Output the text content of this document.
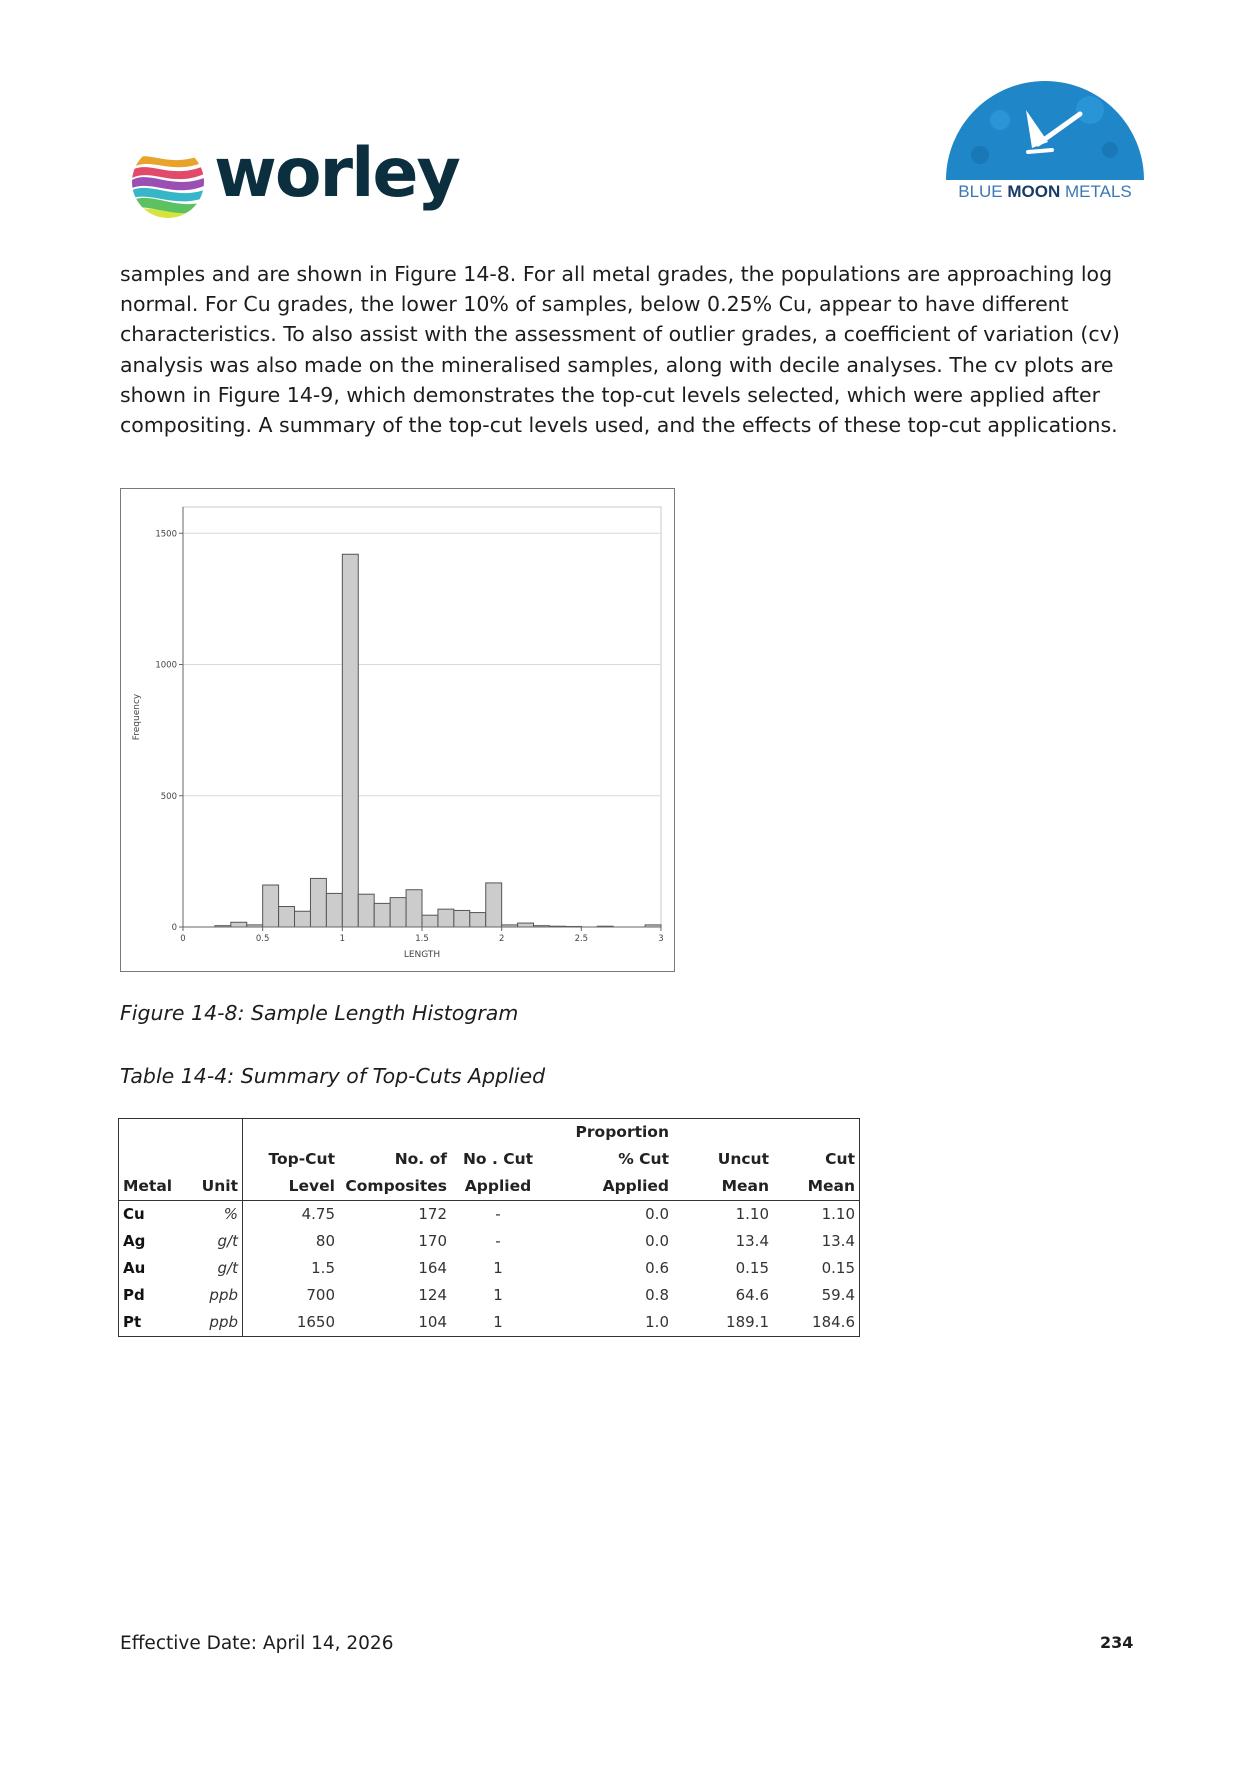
worley	BLUE MOON METALS

samples and are shown in Figure 14-8. For all metal grades, the populations are approaching log normal. For Cu grades, the lower 10% of samples, below 0.25% Cu, appear to have different characteristics. To also assist with the assessment of outlier grades, a coefficient of variation (cv) analysis was also made on the mineralised samples, along with decile analyses. The cv plots are shown in Figure 14-9, which demonstrates the top-cut levels selected, which were applied after compositing. A summary of the top-cut levels used, and the effects of these top-cut applications.

0
500
1000
1500
0	0.5	1	1.5	2	2.5	3
LENGTH
Frequency
Figure 14-8: Sample Length Histogram
Table 14-4: Summary of Top-Cuts Applied
					Proportion		
		Top-Cut	No. of	No . Cut	% Cut	Uncut	Cut
Metal	Unit	Level	Composites	Applied	Applied	Mean	Mean
Cu	%	4.75	172	-	0.0	1.10	1.10
Ag	g/t	80	170	-	0.0	13.4	13.4
Au	g/t	1.5	164	1	0.6	0.15	0.15
Pd	ppb	700	124	1	0.8	64.6	59.4
Pt	ppb	1650	104	1	1.0	189.1	184.6
Effective Date: April 14, 2026	234
